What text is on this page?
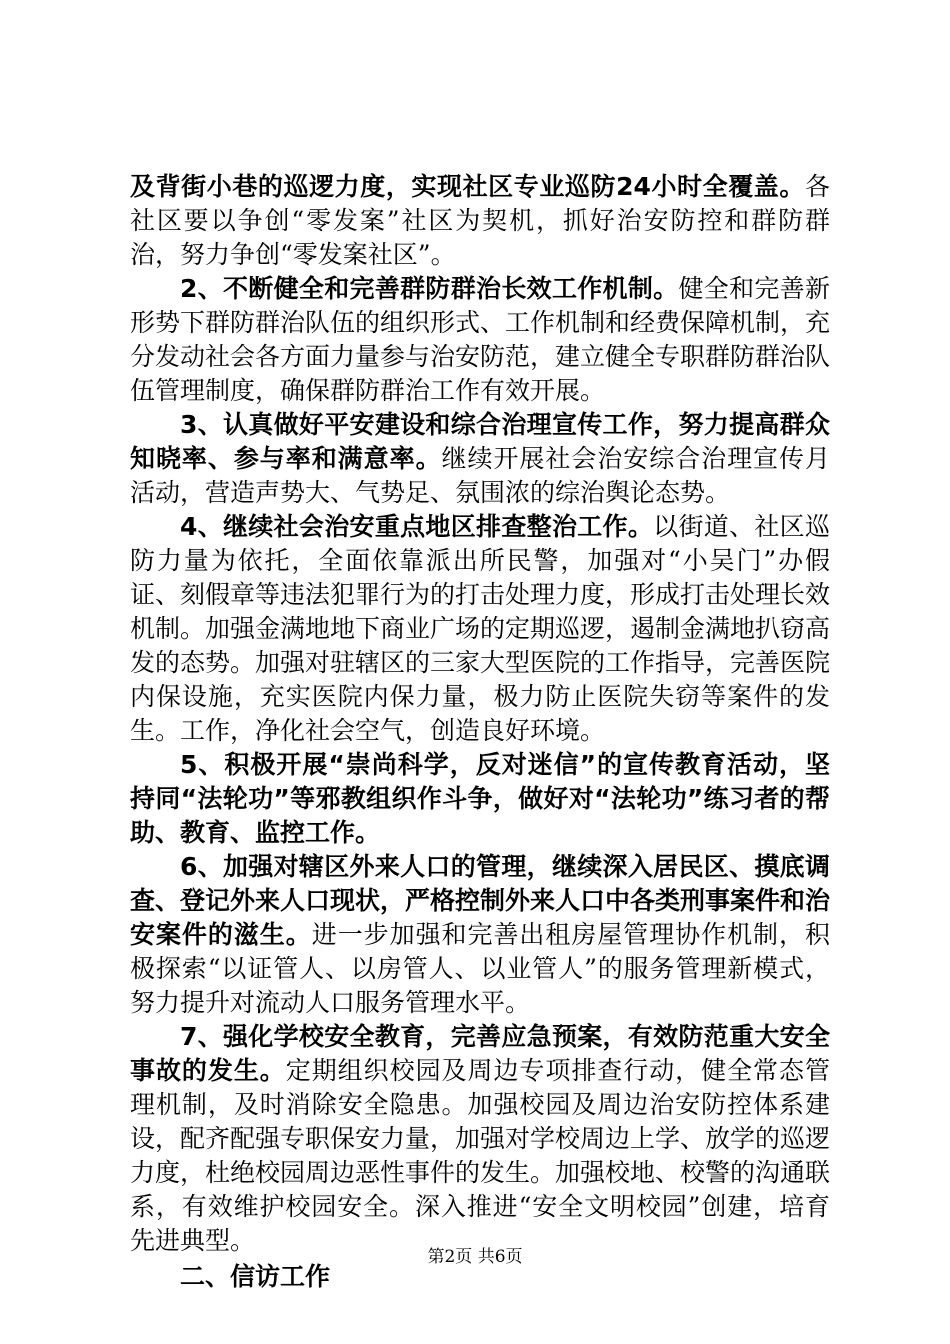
及背街小巷的巡逻力度，实现社区专业巡防24小时全覆盖。各社区要以争创“零发案”社区为契机，抓好治安防控和群防群治，努力争创“零发案社区”。

2、不断健全和完善群防群治长效工作机制。健全和完善新形势下群防群治队伍的组织形式、工作机制和经费保障机制，充分发动社会各方面力量参与治安防范，建立健全专职群防群治队伍管理制度，确保群防群治工作有效开展。

3、认真做好平安建设和综合治理宣传工作，努力提高群众知晓率、参与率和满意率。继续开展社会治安综合治理宣传月活动，营造声势大、气势足、氛围浓的综治舆论态势。

4、继续社会治安重点地区排查整治工作。以街道、社区巡防力量为依托，全面依靠派出所民警，加强对“小吴门”办假证、刻假章等违法犯罪行为的打击处理力度，形成打击处理长效机制。加强金满地地下商业广场的定期巡逻，遏制金满地扒窃高发的态势。加强对驻辖区的三家大型医院的工作指导，完善医院内保设施，充实医院内保力量，极力防止医院失窃等案件的发生。工作，净化社会空气，创造良好环境。

5、积极开展“崇尚科学，反对迷信”的宣传教育活动，坚持同“法轮功”等邪教组织作斗争，做好对“法轮功”练习者的帮助、教育、监控工作。

6、加强对辖区外来人口的管理，继续深入居民区、摸底调查、登记外来人口现状，严格控制外来人口中各类刑事案件和治安案件的滋生。进一步加强和完善出租房屋管理协作机制，积极探索“以证管人、以房管人、以业管人”的服务管理新模式，努力提升对流动人口服务管理水平。

7、强化学校安全教育，完善应急预案，有效防范重大安全事故的发生。定期组织校园及周边专项排查行动，健全常态管理机制，及时消除安全隐患。加强校园及周边治安防控体系建设，配齐配强专职保安力量，加强对学校周边上学、放学的巡逻力度，杜绝校园周边恶性事件的发生。加强校地、校警的沟通联系，有效维护校园安全。深入推进“安全文明校园”创建，培育先进典型。

二、信访工作

第2页 共6页
